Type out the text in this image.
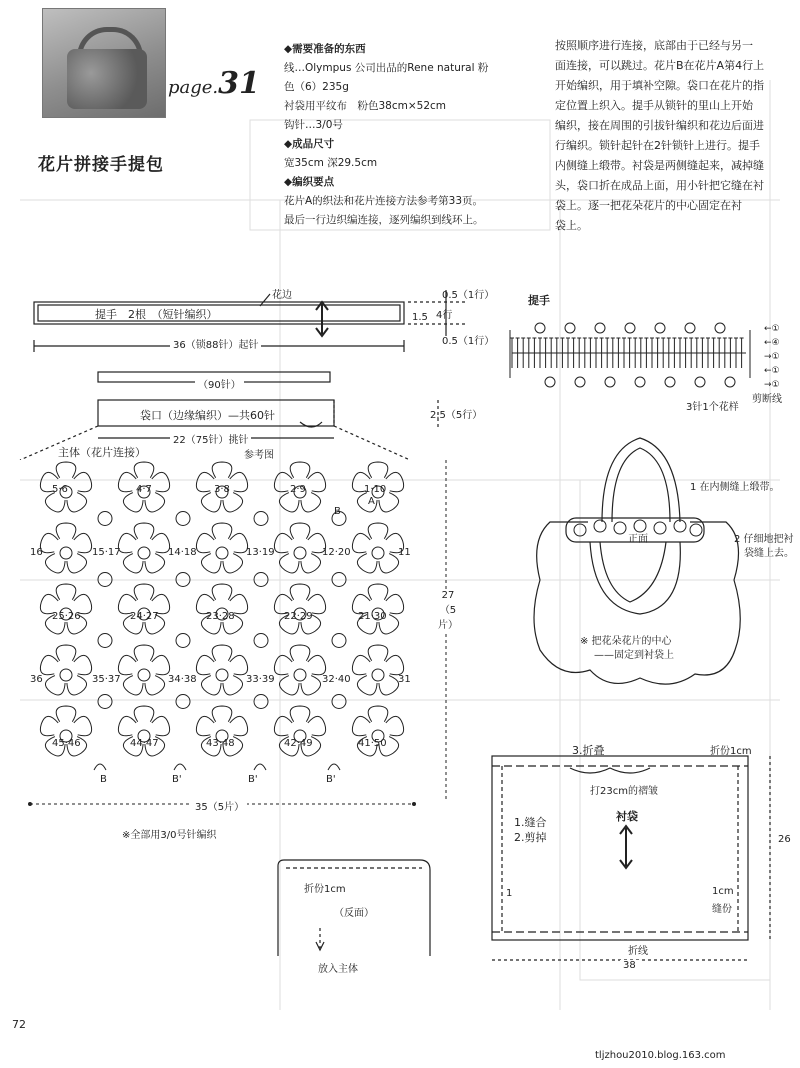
page.31
花片拼接手提包
◆需要准备的东西
线…Olympus 公司出品的Rene natural 粉
色（6）235g
衬袋用平纹布　粉色38cm×52cm
钩针…3/0号
◆成品尺寸
宽35cm 深29.5cm
◆编织要点
花片A的织法和花片连接方法参考第33页。
最后一行边织编连接，逐列编织到线环上。
按照顺序进行连接，底部由于已经与另一
面连接，可以跳过。花片B在花片A第4行上
开始编织，用于填补空隙。袋口在花片的指
定位置上织入。提手从锁针的里山上开始
编织，接在周围的引拔针编织和花边后面进
行编织。锁针起针在2针锁针上进行。提手
内侧缝上缎带。衬袋是两侧缝起来，减掉缝
头，袋口折在成品上面，用小针把它缝在衬
袋上。逐一把花朵花片的中心固定在衬
袋上。
提手　2根　（短针编织）
花边
36（锁88针）起针
0.5（1行）
1.5 4行
0.5（1行）
（90针）
袋口（边缘编织）—共60针
22（75针）挑针
2.5（5行）
主体（花片连接）	参考图
5·6	4·7	3·8	2·9	1·10
A
B
16	15·17	14·18	13·19	12·20	11
25·26	24·27	23·28	22·29	21·30
36	35·37	34·38	33·39	32·40	31
45·46	44·47	43·48	42·49	41·50
B	B'	B'	B'
27（5片）
35（5片）
※全部用3/0号针编织
提手
3针1个花样
剪断线
←①
←④
→①
←①
→①
1 在内侧缝上缎带。
2 仔细地把衬
袋缝上去。
正面
※ 把花朵花片的中心
——固定到衬袋上
3.折叠	折份1cm
打23cm的褶皱
衬袋
1.缝合
2.剪掉
1	1cm
缝份
折线
38
26
折份1cm
（反面）
放入主体
72
tljzhou2010.blog.163.com
